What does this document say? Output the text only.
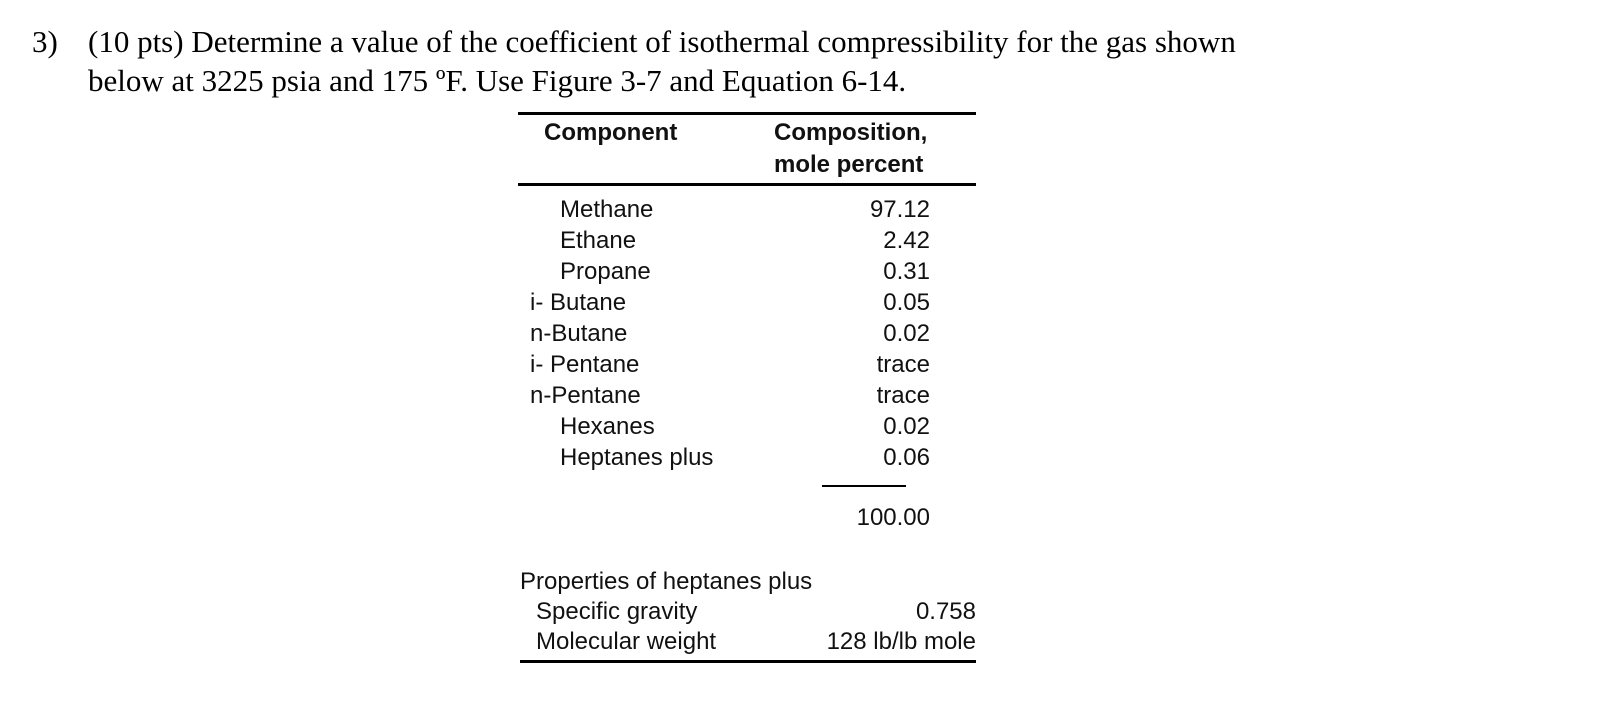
3) (10 pts) Determine a value of the coefficient of isothermal compressibility for the gas shown
below at 3225 psia and 175 ºF. Use Figure 3-7 and Equation 6-14.
Component	Composition,
mole percent
Methane	97.12
Ethane	2.42
Propane	0.31
i- Butane	0.05
n-Butane	0.02
i- Pentane	trace
n-Pentane	trace
Hexanes	0.02
Heptanes plus	0.06
100.00
Properties of heptanes plus
Specific gravity	0.758
Molecular weight	128 lb/lb mole
